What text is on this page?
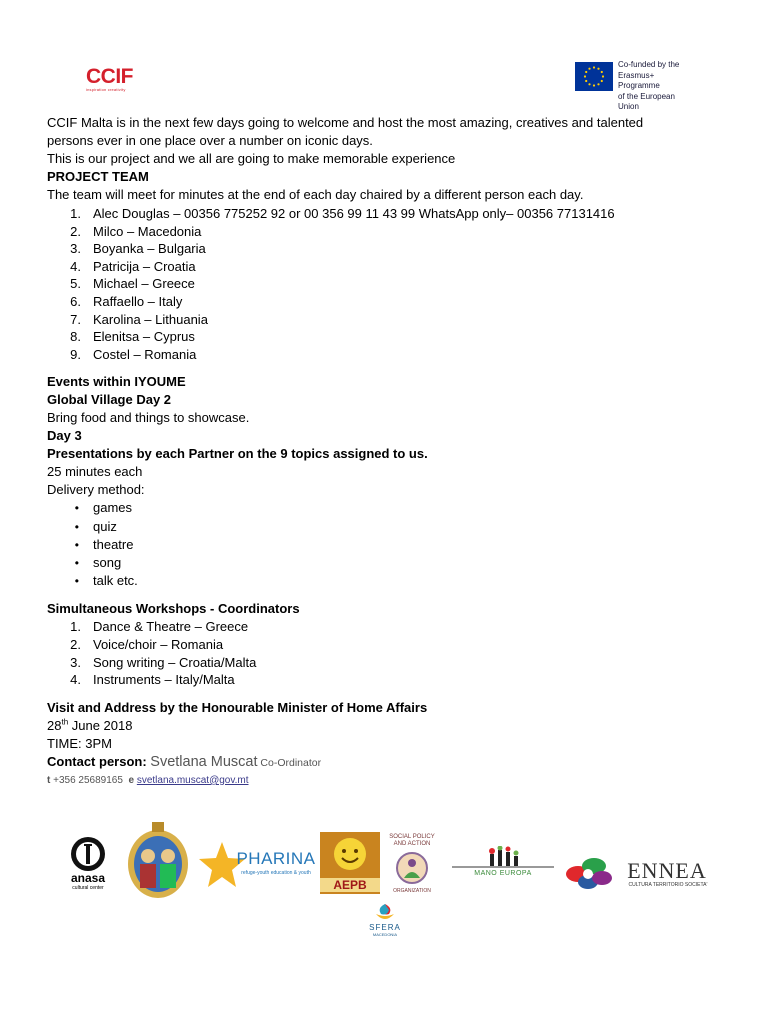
CCIF
inspiration creativity
Co-funded by the
Erasmus+ Programme
of the European Union
CCIF Malta is in the next few days going to welcome and host the most amazing, creatives and talented
persons ever in one place over a number on iconic days.
This is our project and we all are going to make memorable experience
PROJECT TEAM
The team will meet for minutes at the end of each day chaired by a different person each day.
1. Alec Douglas – 00356 775252 92 or 00 356 99 11 43 99 WhatsApp only– 00356 77131416
2. Milco – Macedonia
3. Boyanka – Bulgaria
4. Patricija – Croatia
5. Michael – Greece
6. Raffaello – Italy
7. Karolina – Lithuania
8. Elenitsa – Cyprus
9. Costel – Romania
Events within IYOUME
Global Village Day 2
Bring food and things to showcase.
Day 3
Presentations by each Partner on the 9 topics assigned to us.
25 minutes each
Delivery method:
•	games
•	quiz
•	theatre
•	song
•	talk etc.
Simultaneous Workshops - Coordinators
1. Dance & Theatre – Greece
2. Voice/choir – Romania
3. Song writing – Croatia/Malta
4. Instruments – Italy/Malta
Visit and Address by the Honourable Minister of Home Affairs
28th June 2018
TIME: 3PM
Contact person: Svetlana Muscat Co-Ordinator
t +356 25689165 e svetlana.muscat@gov.mt
anasa
cultural center
PHARINA
refuge-youth education & youth
AEPB
SOCIAL POLICY
AND ACTION
ORGANIZATION
MANO EUROPA	ENNEA
CULTURA TERRITORIO SOCIETA'
SFERA
MACEDONIA
